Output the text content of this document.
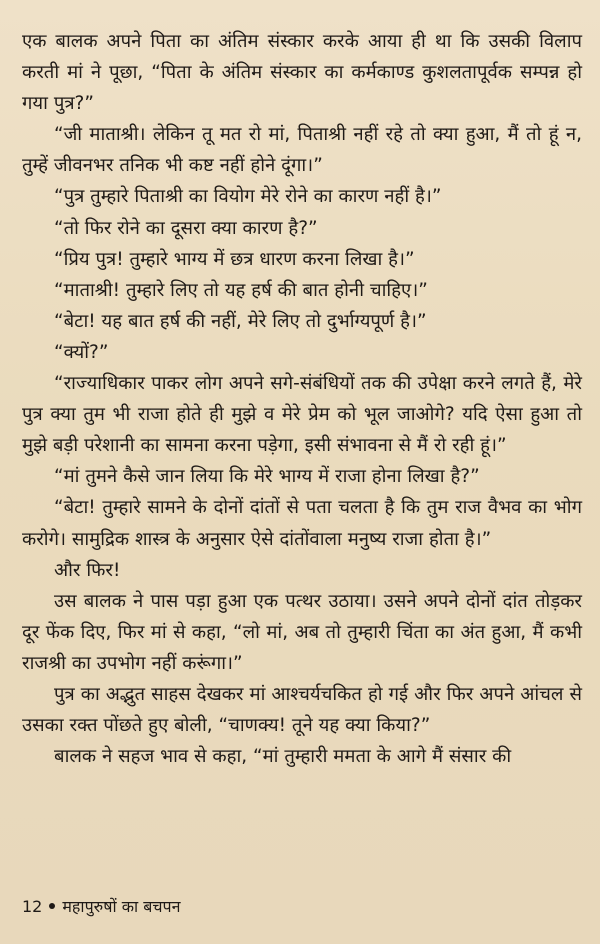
एक बालक अपने पिता का अंतिम संस्कार करके आया ही था कि उसकी विलाप करती मां ने पूछा, “पिता के अंतिम संस्कार का कर्मकाण्ड कुशलतापूर्वक सम्पन्न हो गया पुत्र?”

“जी माताश्री। लेकिन तू मत रो मां, पिताश्री नहीं रहे तो क्या हुआ, मैं तो हूं न, तुम्हें जीवनभर तनिक भी कष्ट नहीं होने दूंगा।”

“पुत्र तुम्हारे पिताश्री का वियोग मेरे रोने का कारण नहीं है।”

“तो फिर रोने का दूसरा क्या कारण है?”

“प्रिय पुत्र! तुम्हारे भाग्य में छत्र धारण करना लिखा है।”

“माताश्री! तुम्हारे लिए तो यह हर्ष की बात होनी चाहिए।”

“बेटा! यह बात हर्ष की नहीं, मेरे लिए तो दुर्भाग्यपूर्ण है।”

“क्यों?”

“राज्याधिकार पाकर लोग अपने सगे-संबंधियों तक की उपेक्षा करने लगते हैं, मेरे पुत्र क्या तुम भी राजा होते ही मुझे व मेरे प्रेम को भूल जाओगे? यदि ऐसा हुआ तो मुझे बड़ी परेशानी का सामना करना पड़ेगा, इसी संभावना से मैं रो रही हूं।”

“मां तुमने कैसे जान लिया कि मेरे भाग्य में राजा होना लिखा है?”

“बेटा! तुम्हारे सामने के दोनों दांतों से पता चलता है कि तुम राज वैभव का भोग करोगे। सामुद्रिक शास्त्र के अनुसार ऐसे दांतोंवाला मनुष्य राजा होता है।”

और फिर!

उस बालक ने पास पड़ा हुआ एक पत्थर उठाया। उसने अपने दोनों दांत तोड़कर दूर फेंक दिए, फिर मां से कहा, “लो मां, अब तो तुम्हारी चिंता का अंत हुआ, मैं कभी राजश्री का उपभोग नहीं करूंगा।”

पुत्र का अद्भुत साहस देखकर मां आश्चर्यचकित हो गई और फिर अपने आंचल से उसका रक्त पोंछते हुए बोली, “चाणक्य! तूने यह क्या किया?”

बालक ने सहज भाव से कहा, “मां तुम्हारी ममता के आगे मैं संसार की

12 महापुरुषों का बचपन
